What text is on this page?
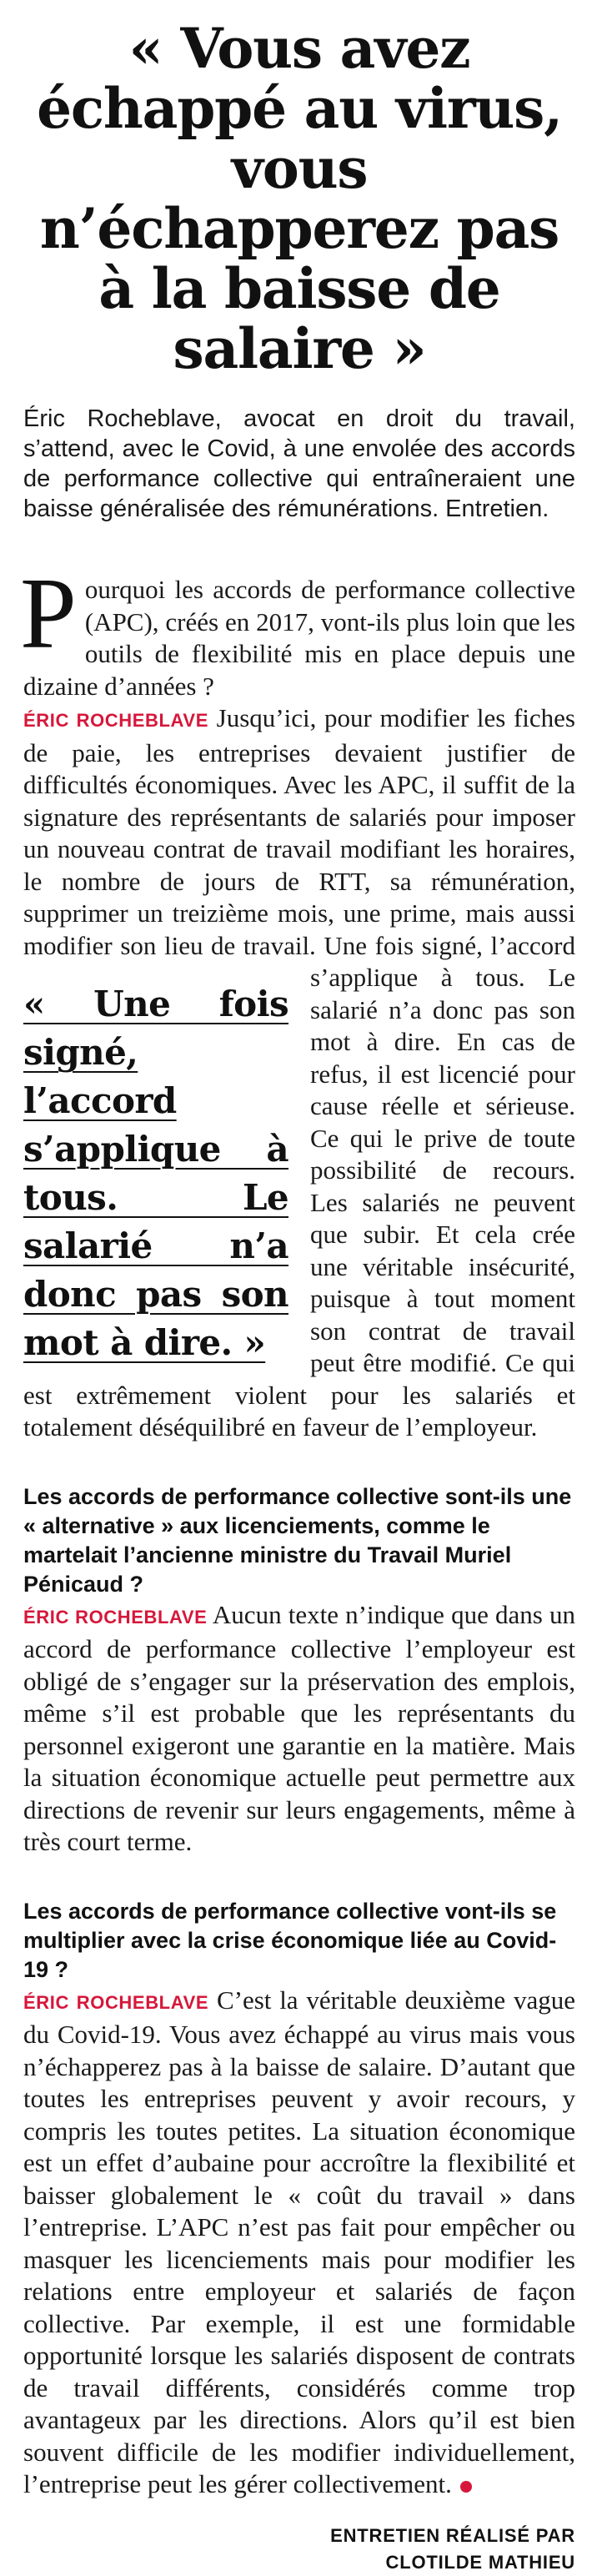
« Vous avez échappé au virus, vous n’échapperez pas à la baisse de salaire »

Éric Rocheblave, avocat en droit du travail, s’attend, avec le Covid, à une envolée des accords de performance collective qui entraîneraient une baisse généralisée des rémunérations. Entretien.

Pourquoi les accords de performance collective (APC), créés en 2017, vont-ils plus loin que les outils de flexibilité mis en place depuis une dizaine d’années ?
ÉRIC ROCHEBLAVE Jusqu’ici, pour modifier les fiches de paie, les entreprises devaient justifier de difficultés économiques. Avec les APC, il suffit de la signature des représentants de salariés pour imposer un nouveau contrat de travail modifiant les horaires, le nombre de jours de RTT, sa rémunération, supprimer un treizième mois, une prime, mais aussi modifier son lieu de travail. Une fois signé, l’accord s’applique
« Une fois signé, l’accord s’applique à tous. Le salarié n’a donc pas son mot à dire. »
à tous. Le salarié n’a donc pas son mot à dire. En cas de refus, il est licencié pour cause réelle et sérieuse. Ce qui le prive de toute possibilité de recours. Les salariés ne peuvent que subir. Et cela crée une véritable insécurité, puisque à tout moment son contrat de travail peut être modifié. Ce qui est extrêmement violent pour les salariés et totalement déséquilibré en faveur de l’employeur.
Les accords de performance collective sont-ils une « alternative » aux licenciements, comme le martelait l’ancienne ministre du Travail Muriel Pénicaud ?
ÉRIC ROCHEBLAVE Aucun texte n’indique que dans un accord de performance collective l’employeur est obligé de s’engager sur la préservation des emplois, même s’il est probable que les représentants du personnel exigeront une garantie en la matière. Mais la situation économique actuelle peut permettre aux directions de revenir sur leurs engagements, même à très court terme.
Les accords de performance collective vont-ils se multiplier avec la crise économique liée au Covid-19 ?
ÉRIC ROCHEBLAVE C’est la véritable deuxième vague du Covid-19. Vous avez échappé au virus mais vous n’échapperez pas à la baisse de salaire. D’autant que toutes les entreprises peuvent y avoir recours, y compris les toutes petites. La situation économique est un effet d’aubaine pour accroître la flexibilité et baisser globalement le « coût du travail » dans l’entreprise. L’APC n’est pas fait pour empêcher ou masquer les licenciements mais pour modifier les relations entre employeur et salariés de façon collective. Par exemple, il est une formidable opportunité lorsque les salariés disposent de contrats de travail différents, considérés comme trop avantageux par les directions. Alors qu’il est bien souvent difficile de les modifier individuellement, l’entreprise peut les gérer collectivement.
ENTRETIEN RÉALISÉ PAR
CLOTILDE MATHIEU
